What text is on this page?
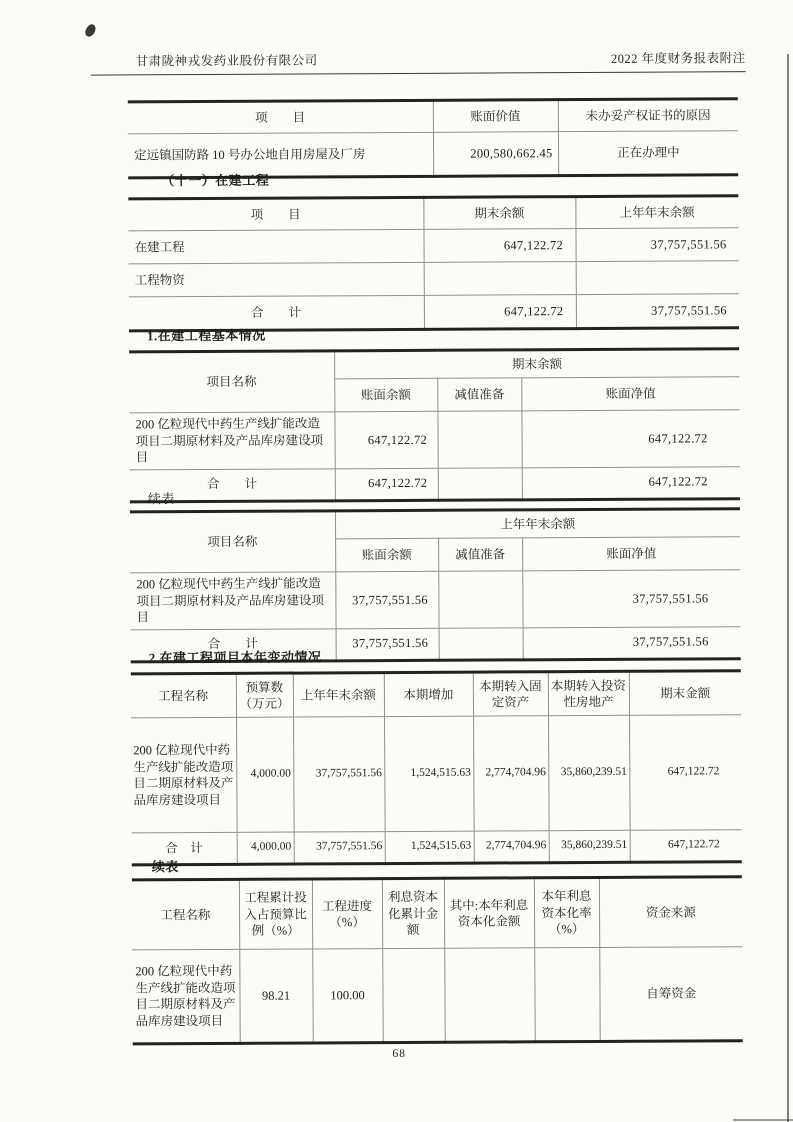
甘肃陇神戎发药业股份有限公司	2022 年度财务报表附注
项　　目	账面价值	未办妥产权证书的原因
定远镇国防路 10 号办公地自用房屋及厂房	200,580,662.45	正在办理中
（十一）在建工程
项　　目	期末余额	上年年末余额
在建工程	647,122.72	37,757,551.56
工程物资		
合　　计	647,122.72	37,757,551.56
1.在建工程基本情况
项目名称	期末余额		
	账面余额	减值准备	账面净值
200 亿粒现代中药生产线扩能改造项目二期原材料及产品库房建设项目	647,122.72		647,122.72
合　　计	647,122.72		647,122.72
续表
项目名称	上年年末余额		
	账面余额	减值准备	账面净值
200 亿粒现代中药生产线扩能改造项目二期原材料及产品库房建设项目	37,757,551.56		37,757,551.56
合　　计	37,757,551.56		37,757,551.56
2.在建工程项目本年变动情况
工程名称	预算数（万元）	上年年末余额	本期增加	本期转入固定资产	本期转入投资性房地产	期末金额
200 亿粒现代中药生产线扩能改造项目二期原材料及产品库房建设项目	4,000.00	37,757,551.56	1,524,515.63	2,774,704.96	35,860,239.51	647,122.72
合　计	4,000.00	37,757,551.56	1,524,515.63	2,774,704.96	35,860,239.51	647,122.72
续表
工程名称	工程累计投入占预算比例（%）	工程进度（%）	利息资本化累计金额	其中:本年利息资本化金额	本年利息资本化率（%）	资金来源
200 亿粒现代中药生产线扩能改造项目二期原材料及产品库房建设项目	98.21	100.00				自筹资金
68
